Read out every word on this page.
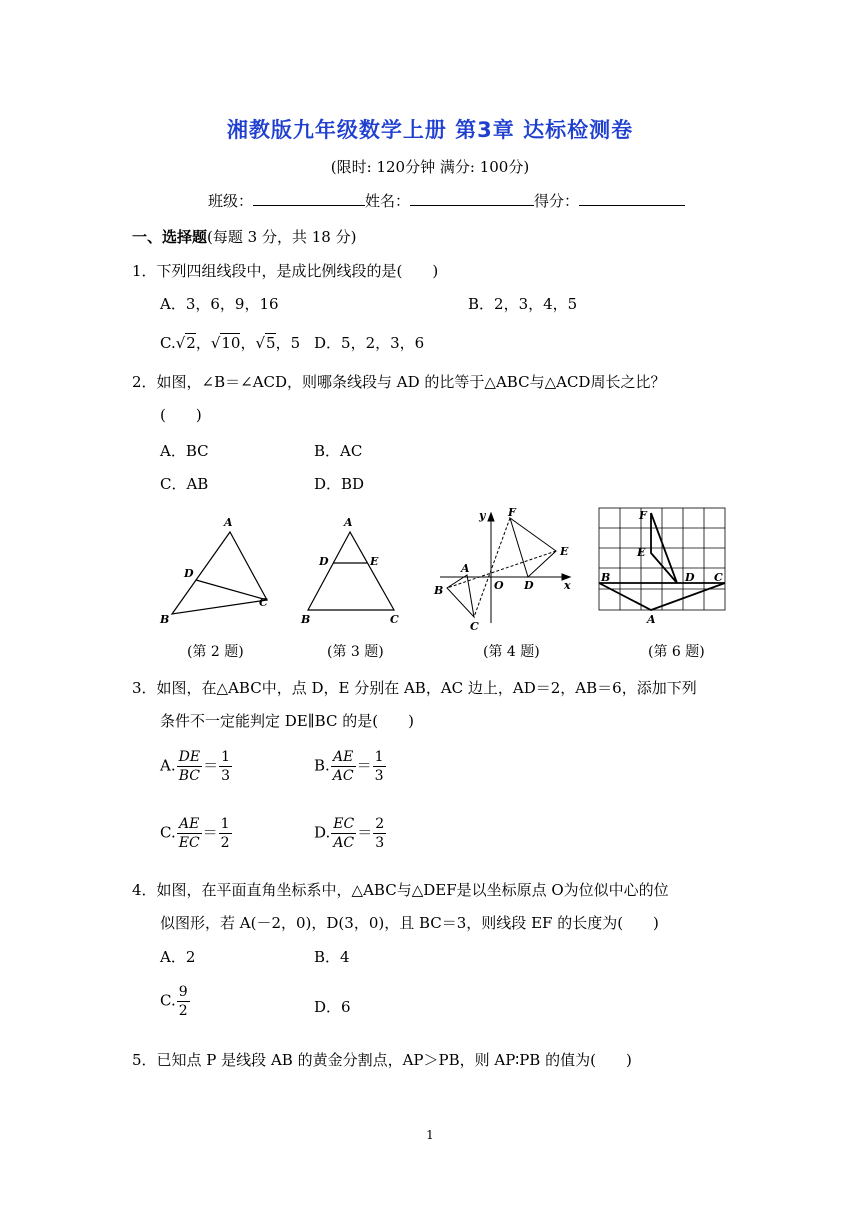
湘教版九年级数学上册 第3章 达标检测卷
(限时: 120分钟 满分: 100分)
班级：	姓名：	得分：
一、选择题(每题 3 分，共 18 分)
1．下列四组线段中，是成比例线段的是(　　)
A．3，6，9，16	B．2，3，4，5
C.√2，√10，√5，5 D．5，2，3，6
2．如图，∠B＝∠ACD，则哪条线段与 AD 的比等于△ABC与△ACD周长之比？
(　　)
A．BC	B．AC
C．AB	D．BD
A
D
B
C
A
D	E
B	C
y F
E
A
O D	x
B
C
F
E
B	D C
A
(第 2 题)	(第 3 题)	(第 4 题)	(第 6 题)
3．如图，在△ABC中，点 D，E 分别在 AB，AC 边上，AD＝2，AB＝6，添加下列
条件不一定能判定 DE∥BC 的是(　　)
A. $\frac{DE}{BC} = \frac{1}{3}$	B. $\frac{AE}{AC} = \frac{1}{3}$
C. $\frac{AE}{EC} = \frac{1}{2}$	D. $\frac{EC}{AC} = \frac{2}{3}$
4．如图，在平面直角坐标系中，△ABC与△DEF是以坐标原点 O为位似中心的位
似图形，若 A(－2，0)，D(3，0)，且 BC＝3，则线段 EF 的长度为(　　)
A．2	B．4
C. $\frac{9}{2}$	D．6
5．已知点 P 是线段 AB 的黄金分割点，AP＞PB，则 AP∶PB 的值为(　　)
1
